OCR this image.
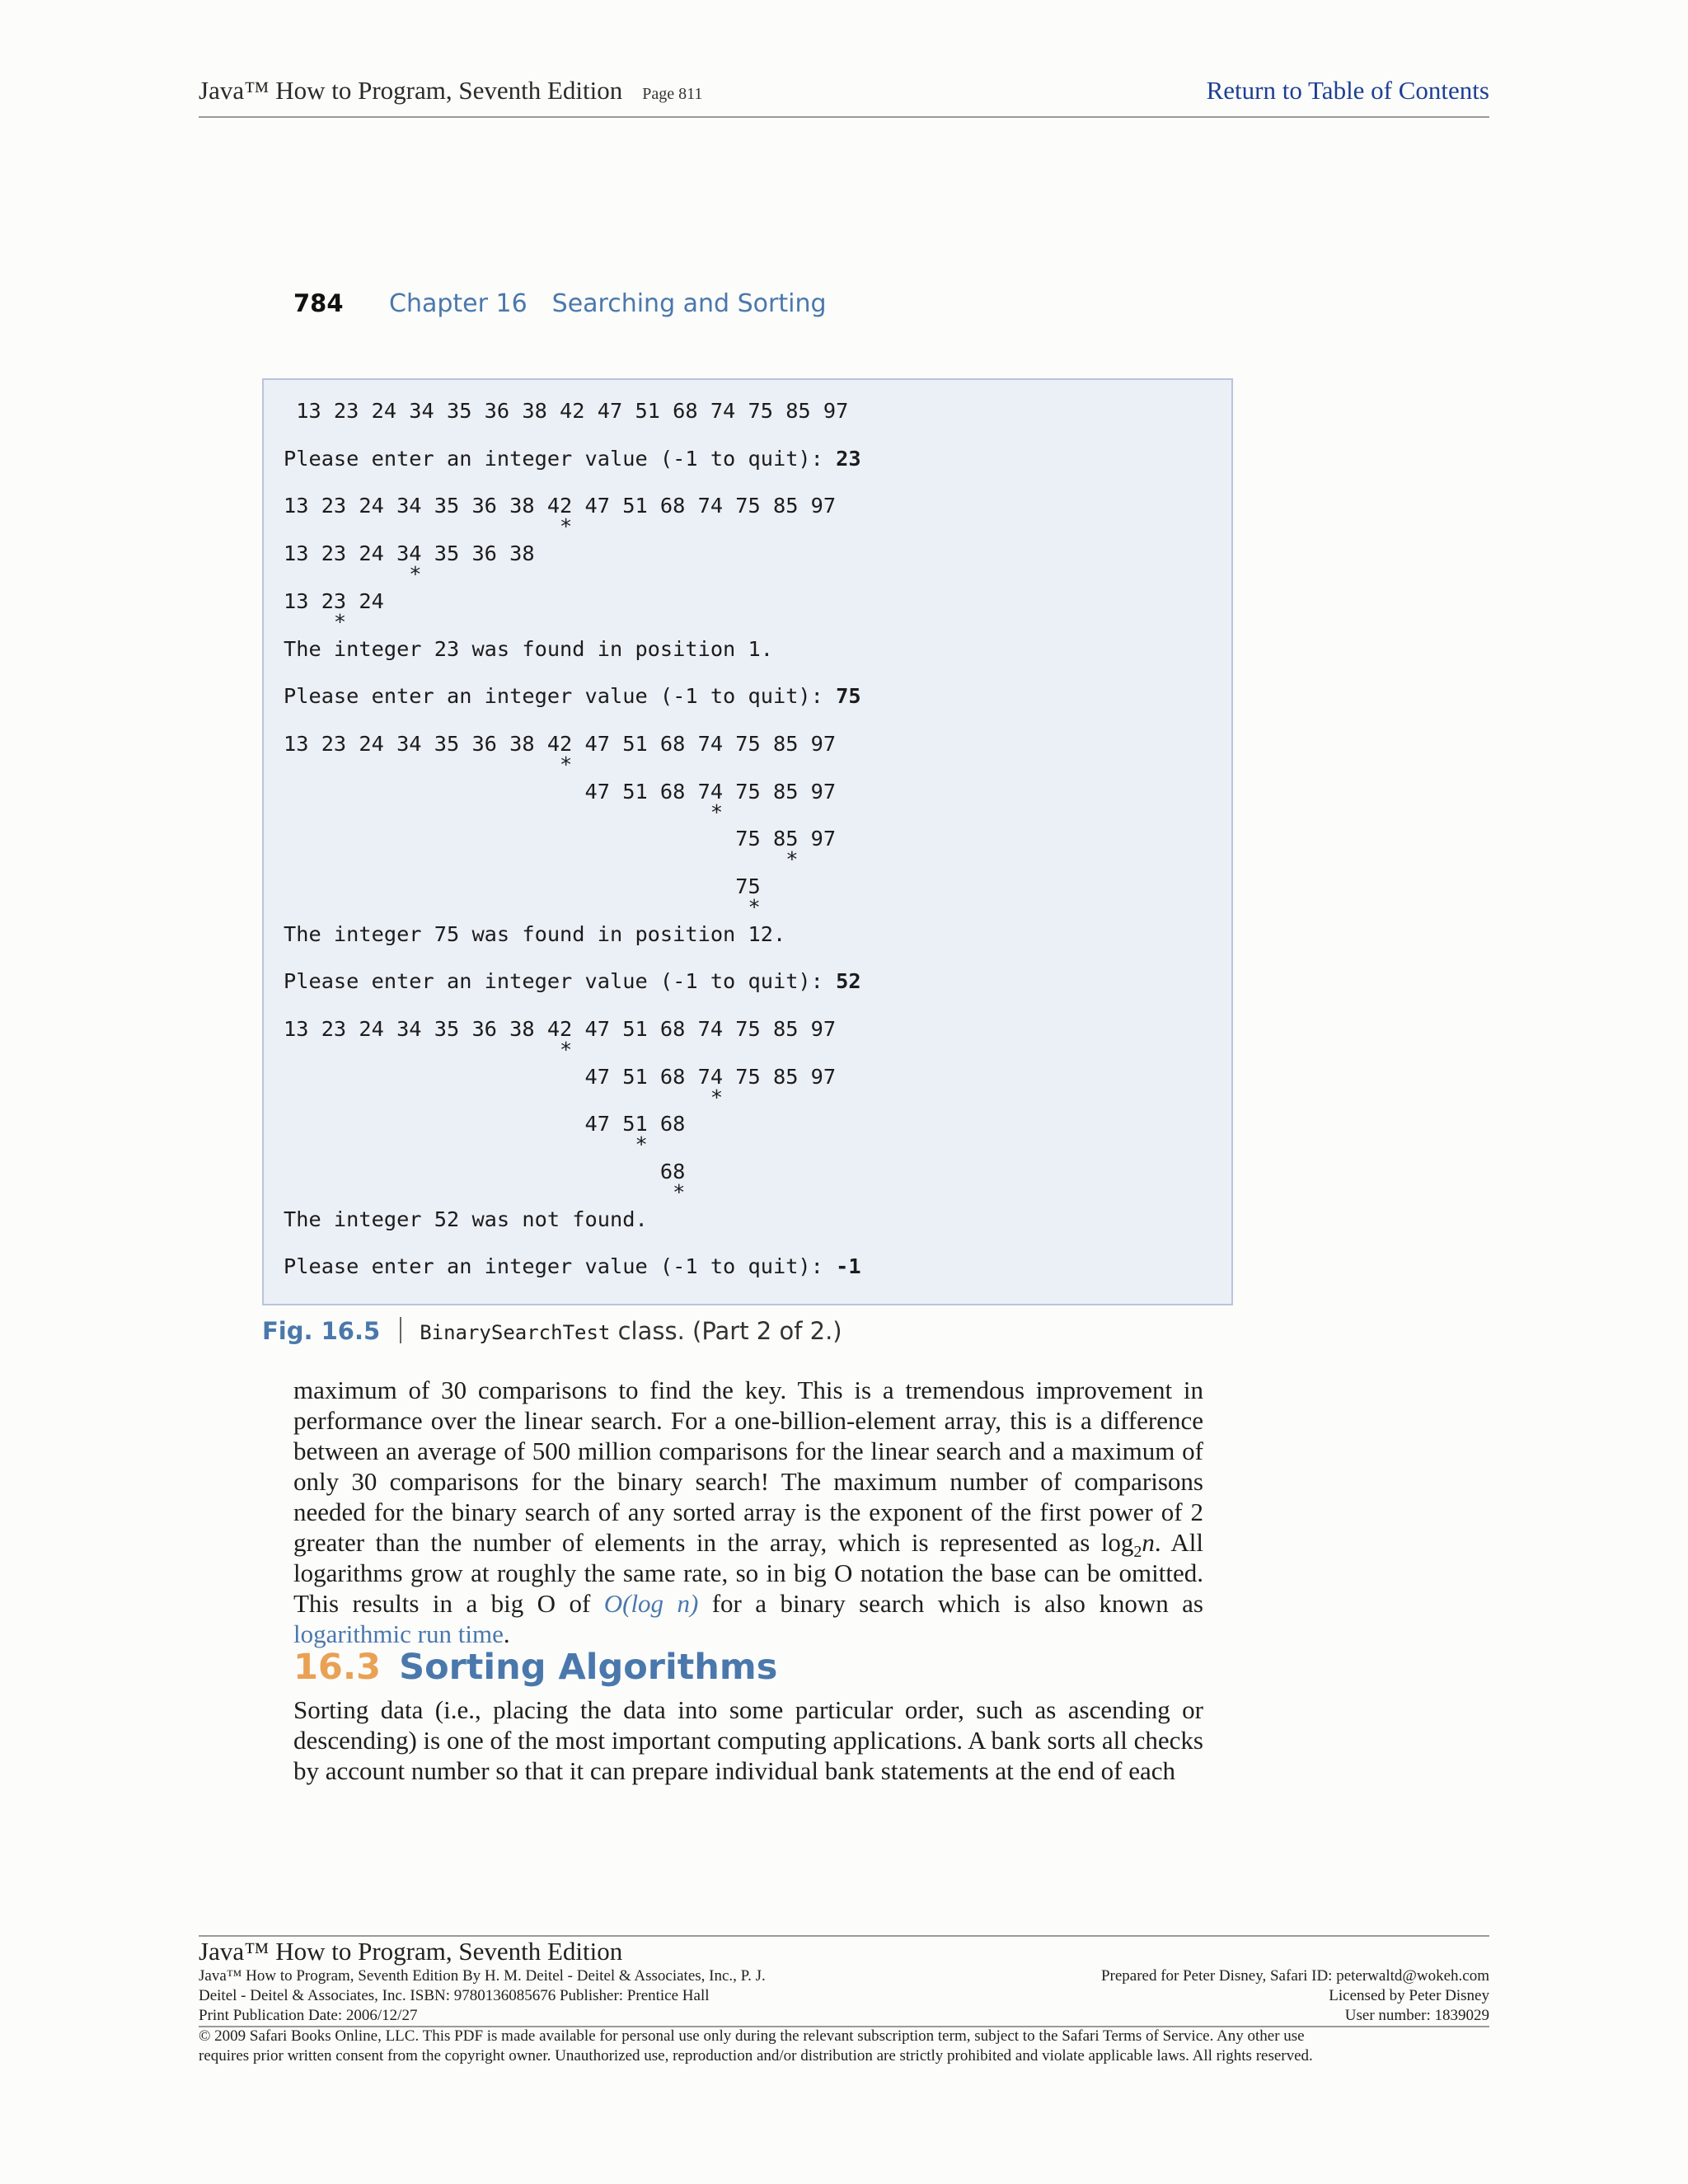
Java™ How to Program, Seventh Edition Page 811	Return to Table of Contents
784 Chapter 16 Searching and Sorting
13 23 24 34 35 36 38 42 47 51 68 74 75 85 97
Please enter an integer value (-1 to quit): 23
13 23 24 34 35 36 38 42 47 51 68 74 75 85 97
*
13 23 24 34 35 36 38
*
13 23 24
*
The integer 23 was found in position 1.
Please enter an integer value (-1 to quit): 75
13 23 24 34 35 36 38 42 47 51 68 74 75 85 97
*
47 51 68 74 75 85 97
*
75 85 97
*
75
*
The integer 75 was found in position 12.
Please enter an integer value (-1 to quit): 52
13 23 24 34 35 36 38 42 47 51 68 74 75 85 97
*
47 51 68 74 75 85 97
*
47 51 68
*
68
*
The integer 52 was not found.
Please enter an integer value (-1 to quit): -1
Fig. 16.5 BinarySearchTest class. (Part 2 of 2.)
maximum of 30 comparisons to find the key. This is a tremendous improvement in performance over the linear search. For a one-billion-element array, this is a difference between an average of 500 million comparisons for the linear search and a maximum of only 30 comparisons for the binary search! The maximum number of comparisons needed for the binary search of any sorted array is the exponent of the first power of 2 greater than the number of elements in the array, which is represented as $\log_2n$. All logarithms grow at roughly the same rate, so in big O notation the base can be omitted. This results in a big O of O(log n) for a binary search which is also known as logarithmic run time.
16.3 Sorting Algorithms
Sorting data (i.e., placing the data into some particular order, such as ascending or descending) is one of the most important computing applications. A bank sorts all checks by account number so that it can prepare individual bank statements at the end of each
Java™ How to Program, Seventh Edition
Java™ How to Program, Seventh Edition By H. M. Deitel - Deitel & Associates, Inc., P. J.
Deitel - Deitel & Associates, Inc. ISBN: 9780136085676 Publisher: Prentice Hall
Print Publication Date: 2006/12/27
Prepared for Peter Disney, Safari ID: peterwaltd@wokeh.com
Licensed by Peter Disney
User number: 1839029
© 2009 Safari Books Online, LLC. This PDF is made available for personal use only during the relevant subscription term, subject to the Safari Terms of Service. Any other use
requires prior written consent from the copyright owner. Unauthorized use, reproduction and/or distribution are strictly prohibited and violate applicable laws. All rights reserved.
